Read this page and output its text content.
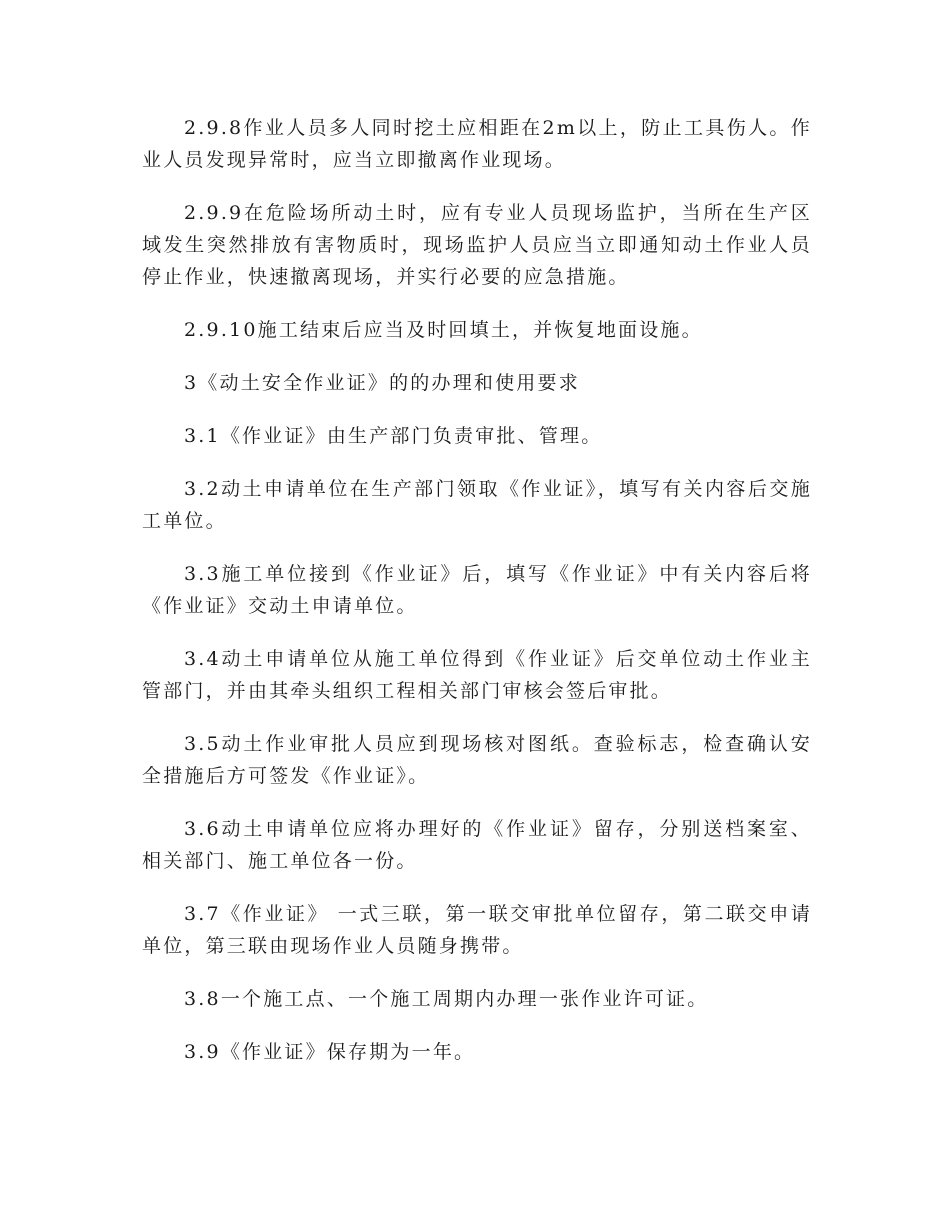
2.9.8作业人员多人同时挖土应相距在2m以上，防止工具伤人。作业人员发现异常时，应当立即撤离作业现场。

2.9.9在危险场所动土时，应有专业人员现场监护，当所在生产区域发生突然排放有害物质时，现场监护人员应当立即通知动土作业人员停止作业，快速撤离现场，并实行必要的应急措施。

2.9.10施工结束后应当及时回填土，并恢复地面设施。

3《动土安全作业证》的的办理和使用要求

3.1《作业证》由生产部门负责审批、管理。

3.2动土申请单位在生产部门领取《作业证》，填写有关内容后交施工单位。

3.3施工单位接到《作业证》后，填写《作业证》中有关内容后将《作业证》交动土申请单位。

3.4动土申请单位从施工单位得到《作业证》后交单位动土作业主管部门，并由其牵头组织工程相关部门审核会签后审批。

3.5动土作业审批人员应到现场核对图纸。查验标志，检查确认安全措施后方可签发《作业证》。

3.6动土申请单位应将办理好的《作业证》留存，分别送档案室、相关部门、施工单位各一份。

3.7《作业证》 一式三联，第一联交审批单位留存，第二联交申请单位，第三联由现场作业人员随身携带。

3.8一个施工点、一个施工周期内办理一张作业许可证。

3.9《作业证》保存期为一年。
